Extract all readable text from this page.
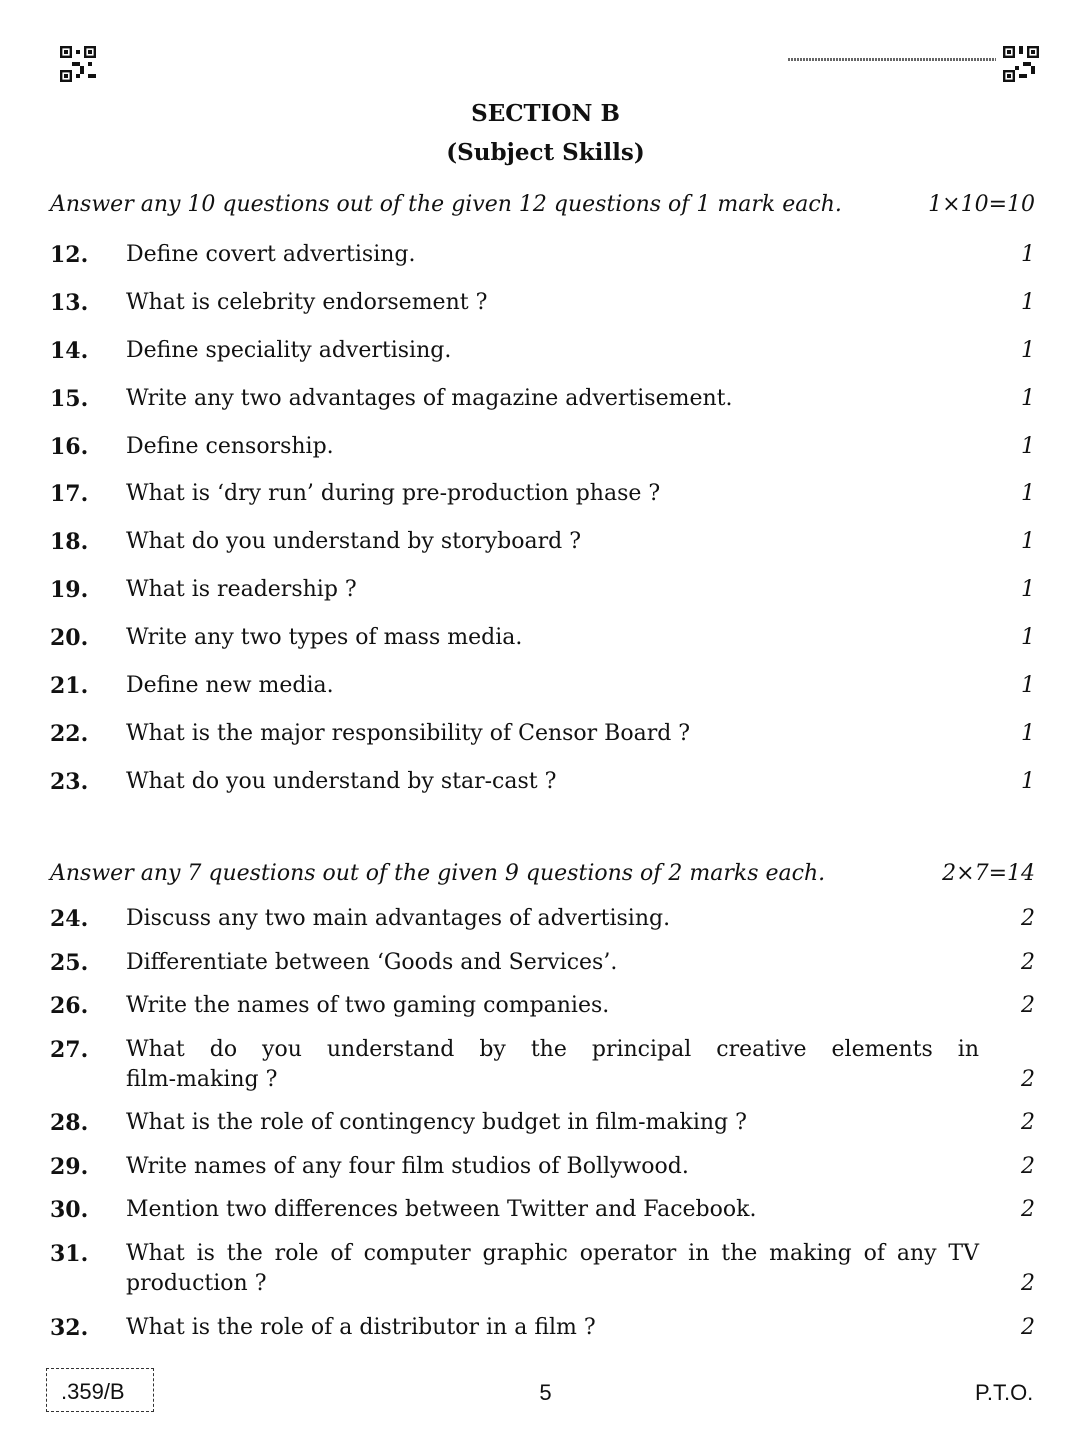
SECTION B
(Subject Skills)
Answer any 10 questions out of the given 12 questions of 1 mark each.	1×10=10
12. Define covert advertising.	1
13. What is celebrity endorsement ?	1
14. Define speciality advertising.	1
15. Write any two advantages of magazine advertisement.	1
16. Define censorship.	1
17. What is ‘dry run’ during pre-production phase ?	1
18. What do you understand by storyboard ?	1
19. What is readership ?	1
20. Write any two types of mass media.	1
21. Define new media.	1
22. What is the major responsibility of Censor Board ?	1
23. What do you understand by star-cast ?	1
Answer any 7 questions out of the given 9 questions of 2 marks each.	2×7=14
24. Discuss any two main advantages of advertising.	2
25. Differentiate between ‘Goods and Services’.	2
26. Write the names of two gaming companies.	2
27. What do you understand by the principal creative elements in
film-making ?	2
28. What is the role of contingency budget in film-making ?	2
29. Write names of any four film studios of Bollywood.	2
30. Mention two differences between Twitter and Facebook.	2
31. What is the role of computer graphic operator in the making of any TV
production ?	2
32. What is the role of a distributor in a film ?	2
.359/B	5	P.T.O.
